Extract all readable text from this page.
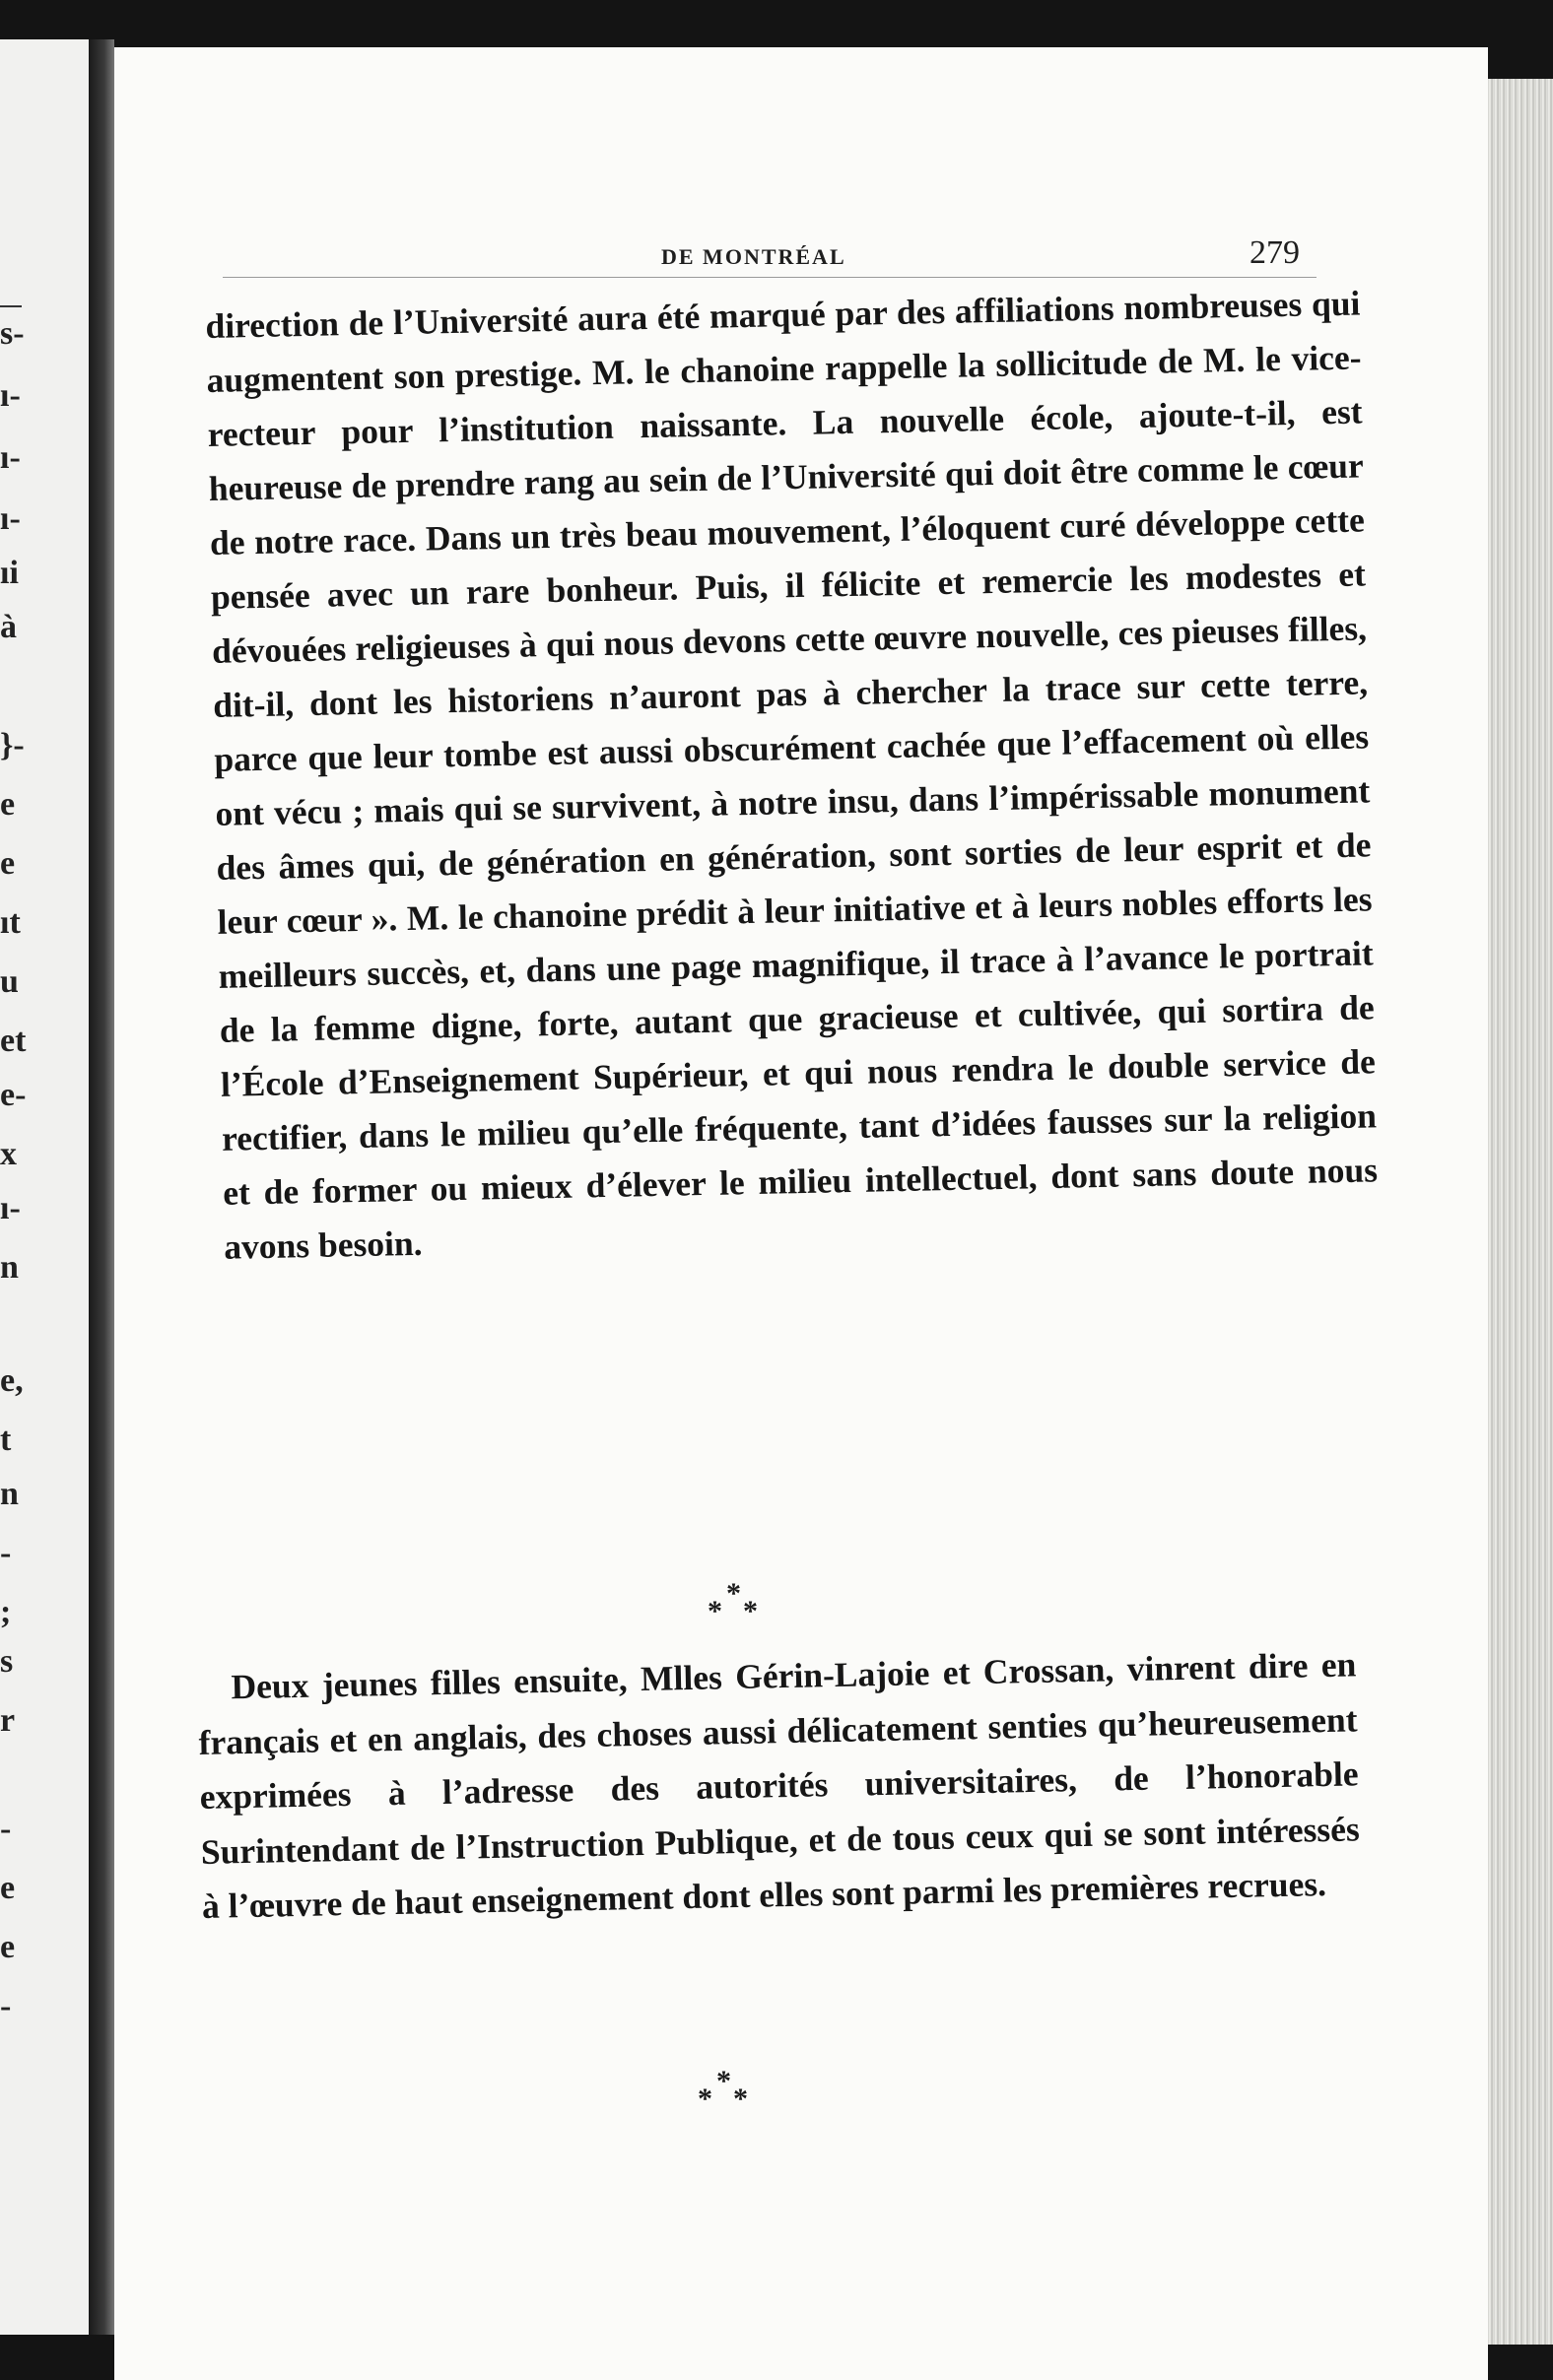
s-
ı-
ı-
ı-
ıi
à
}-
e
e
ıt
u
et
e-
x
ı-
n
e,
t
n
-
;
s
r
-
e
e
-
DE MONTRÉAL	279
direction de l’Université aura été marqué par des affiliations nombreuses qui augmentent son prestige. M. le chanoine rappelle la sollicitude de M. le vice-recteur pour l’institution naissante. La nouvelle école, ajoute-t-il, est heureuse de prendre rang au sein de l’Université qui doit être comme le cœur de notre race. Dans un très beau mouvement, l’éloquent curé développe cette pensée avec un rare bonheur. Puis, il félicite et remercie les modestes et dévouées religieuses à qui nous devons cette œuvre nouvelle, ces pieuses filles, dit-il, dont les historiens n’auront pas à chercher la trace sur cette terre, parce que leur tombe est aussi obscurément cachée que l’effacement où elles ont vécu ; mais qui se survivent, à notre insu, dans l’impérissable monument des âmes qui, de génération en génération, sont sorties de leur esprit et de leur cœur ». M. le chanoine prédit à leur initiative et à leurs nobles efforts les meilleurs succès, et, dans une page magnifique, il trace à l’avance le portrait de la femme digne, forte, autant que gracieuse et cultivée, qui sortira de l’École d’Enseignement Supérieur, et qui nous rendra le double service de rectifier, dans le milieu qu’elle fréquente, tant d’idées fausses sur la religion et de former ou mieux d’élever le milieu intellectuel, dont sans doute nous avons besoin.
*
* *
Deux jeunes filles ensuite, Mlles Gérin-Lajoie et Crossan, vinrent dire en français et en anglais, des choses aussi délicatement senties qu’heureusement exprimées à l’adresse des autorités universitaires, de l’honorable Surintendant de l’Instruction Publique, et de tous ceux qui se sont intéressés à l’œuvre de haut enseignement dont elles sont parmi les premières recrues.
*
* *
